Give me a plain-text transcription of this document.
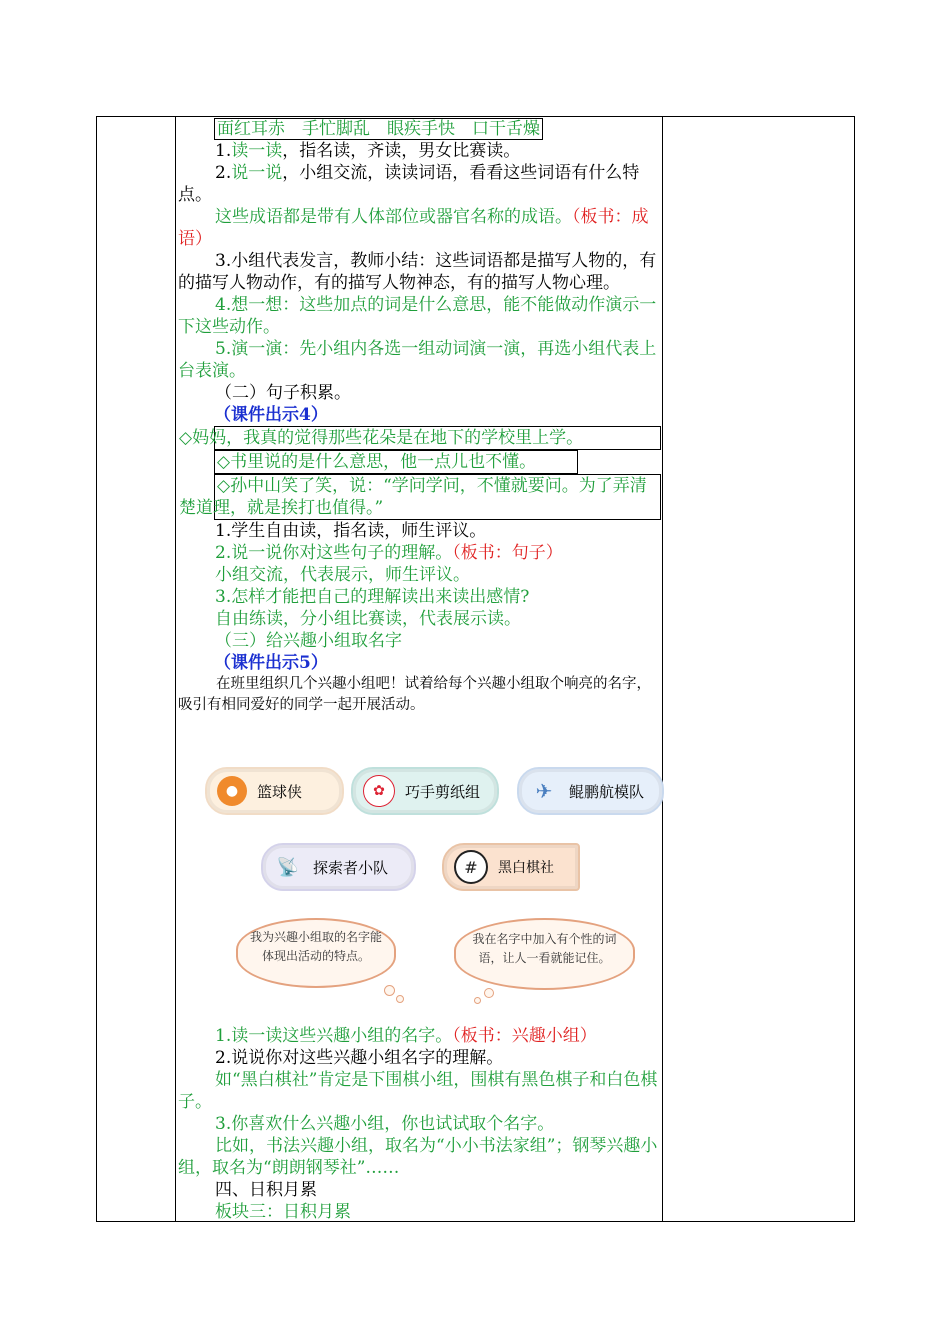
面红耳赤　手忙脚乱　眼疾手快　口干舌燥

1.读一读，指名读，齐读，男女比赛读。

2.说一说，小组交流，读读词语，看看这些词语有什么特点。

这些成语都是带有人体部位或器官名称的成语。（板书：成语）

3.小组代表发言，教师小结：这些词语都是描写人物的，有的描写人物动作，有的描写人物神态，有的描写人物心理。

4.想一想：这些加点的词是什么意思，能不能做动作演示一下这些动作。

5.演一演：先小组内各选一组动词演一演，再选小组代表上台表演。

（二）句子积累。

（课件出示4）

◇妈妈，我真的觉得那些花朵是在地下的学校里上学。

◇书里说的是什么意思，他一点儿也不懂。

◇孙中山笑了笑，说：“学问学问，不懂就要问。为了弄清楚道理，就是挨打也值得。”

1.学生自由读，指名读，师生评议。

2.说一说你对这些句子的理解。（板书：句子）

小组交流，代表展示，师生评议。

3.怎样才能把自己的理解读出来读出感情?

自由练读，分小组比赛读，代表展示读。

（三）给兴趣小组取名字

（课件出示5）

在班里组织几个兴趣小组吧！试着给每个兴趣小组取个响亮的名字，吸引有相同爱好的同学一起开展活动。

●	篮球侠	✿	巧手剪纸组	✈	鲲鹏航模队
📡 探索者小队	#	黑白棋社
我为兴趣小组取的名字能体现出活动的特点。
我在名字中加入有个性的词语，让人一看就能记住。

1.读一读这些兴趣小组的名字。（板书：兴趣小组）

2.说说你对这些兴趣小组名字的理解。

如“黑白棋社”肯定是下围棋小组，围棋有黑色棋子和白色棋子。

3.你喜欢什么兴趣小组，你也试试取个名字。

比如，书法兴趣小组，取名为“小小书法家组”；钢琴兴趣小组，取名为“朗朗钢琴社”……

四、日积月累

板块三：日积月累
